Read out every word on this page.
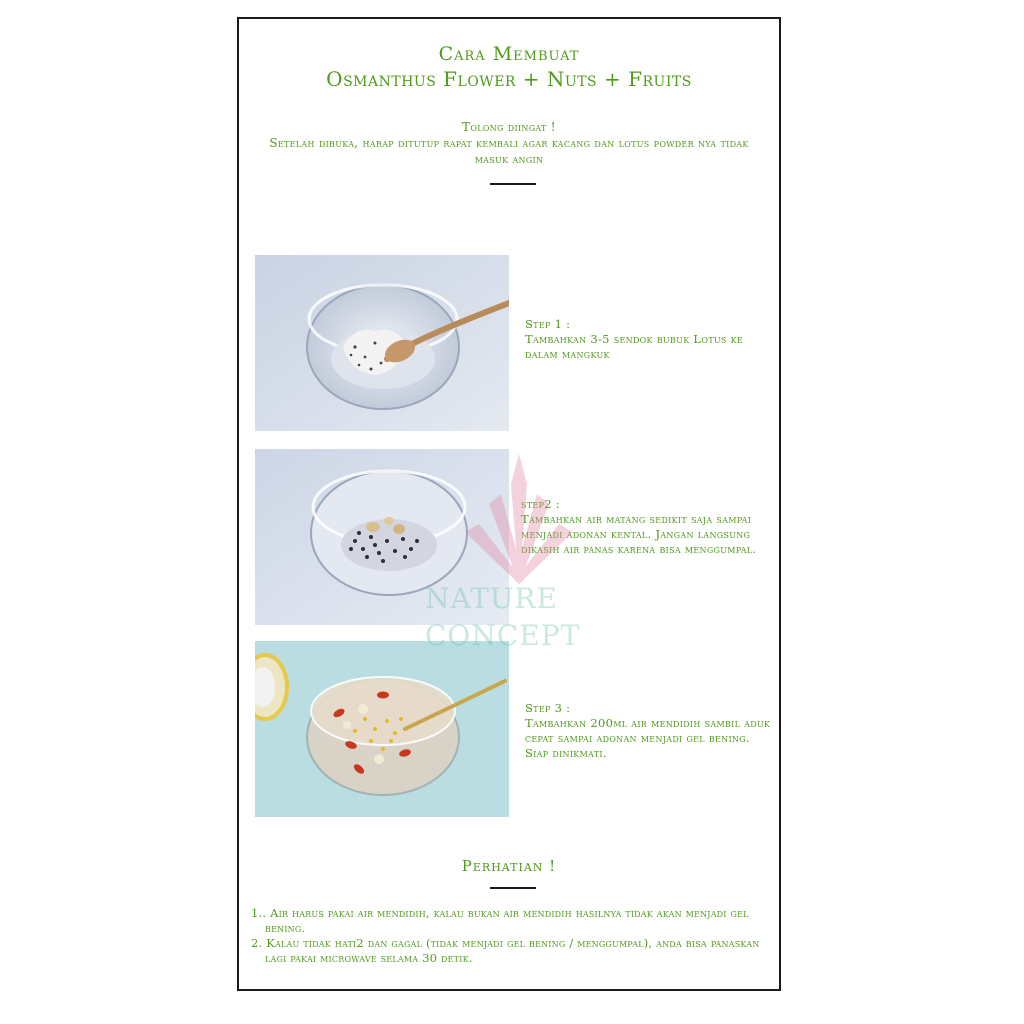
Cara Membuat
Osmanthus Flower + Nuts + Fruits
Tolong diingat !
Setelah dibuka, harap ditutup rapat kembali agar kacang dan lotus powder nya tidak masuk angin
Step 1 :
Tambahkan 3-5 sendok bubuk Lotus ke dalam mangkuk
step2 :
Tambahkan air matang sedikit saja sampai menjadi adonan kental. Jangan langsung dikasih air panas karena bisa menggumpal.
Step 3 :
Tambahkan 200ml air mendidih sambil aduk cepat sampai adonan menjadi gel bening. Siap dinikmati.
NATURE
CONCEPT
Perhatian !
1.. Air harus pakai air mendidih, kalau bukan air mendidih hasilnya tidak akan menjadi gel bening.
2. Kalau tidak hati2 dan gagal (tidak menjadi gel bening / menggumpal), anda bisa panaskan lagi pakai microwave selama 30 detik.
